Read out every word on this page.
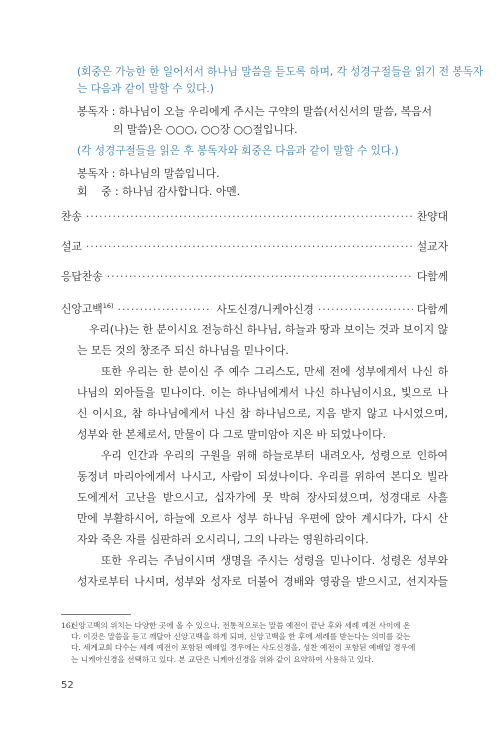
(회중은 가능한 한 일어서서 하나님 말씀을 듣도록 하며, 각 성경구절들을 읽기 전 봉독자
는 다음과 같이 말할 수 있다.)
봉독자 : 하나님이 오늘 우리에게 주시는 구약의 말씀(서신서의 말씀, 복음서
의 말씀)은 ○○○, ○○장 ○○절입니다.
(각 성경구절들을 읽은 후 봉독자와 회중은 다음과 같이 말할 수 있다.)
봉독자 : 하나님의 말씀입니다.
회    중 : 하나님 감사합니다. 아멘.
찬송 ·····	찬양대
설교 ·····	설교자
응답찬송 ·····	다함께
신앙고백$^{16)}$ ·····	사도신경/니케아신경 ·····	다함께

우리(나)는 한 분이시요 전능하신 하나님, 하늘과 땅과 보이는 것과 보이지 않
는 모든 것의 창조주 되신 하나님을 믿나이다.

또한 우리는 한 분이신 주 예수 그리스도, 만세 전에 성부에게서 나신 하
나님의 외아들을 믿나이다. 이는 하나님에게서 나신 하나님이시요, 빛으로 나
신 이시요, 참 하나님에게서 나신 참 하나님으로, 지음 받지 않고 나시었으며,
성부와 한 본체로서, 만물이 다 그로 말미암아 지은 바 되었나이다.

우리 인간과 우리의 구원을 위해 하늘로부터 내려오사, 성령으로 인하여
동정녀 마리아에게서 나시고, 사람이 되셨나이다. 우리를 위하여 본디오 빌라
도에게서 고난을 받으시고, 십자가에 못 박혀 장사되셨으며, 성경대로 사흘
만에 부활하시어, 하늘에 오르사 성부 하나님 우편에 앉아 계시다가, 다시 산
자와 죽은 자를 심판하러 오시리니, 그의 나라는 영원하리이다.

또한 우리는 주님이시며 생명을 주시는 성령을 믿나이다. 성령은 성부와
성자로부터 나시며, 성부와 성자로 더불어 경배와 영광을 받으시고, 선지자들

16)
신앙고백의 위치는 다양한 곳에 올 수 있으나, 전통적으로는 말씀 예전이 끝난 후와 세례 예전 사이에 온
다. 이것은 말씀을 듣고 깨달아 신앙고백을 하게 되며, 신앙고백을 한 후에 세례를 받는다는 의미를 갖는
다. 세계교회 다수는 세례 예전이 포함된 예배일 경우에는 사도신경을, 성찬 예전이 포함된 예배일 경우에
는 니케아신경을 선택하고 있다. 본 교단은 니케아신경을 위와 같이 요약하여 사용하고 있다.
52
